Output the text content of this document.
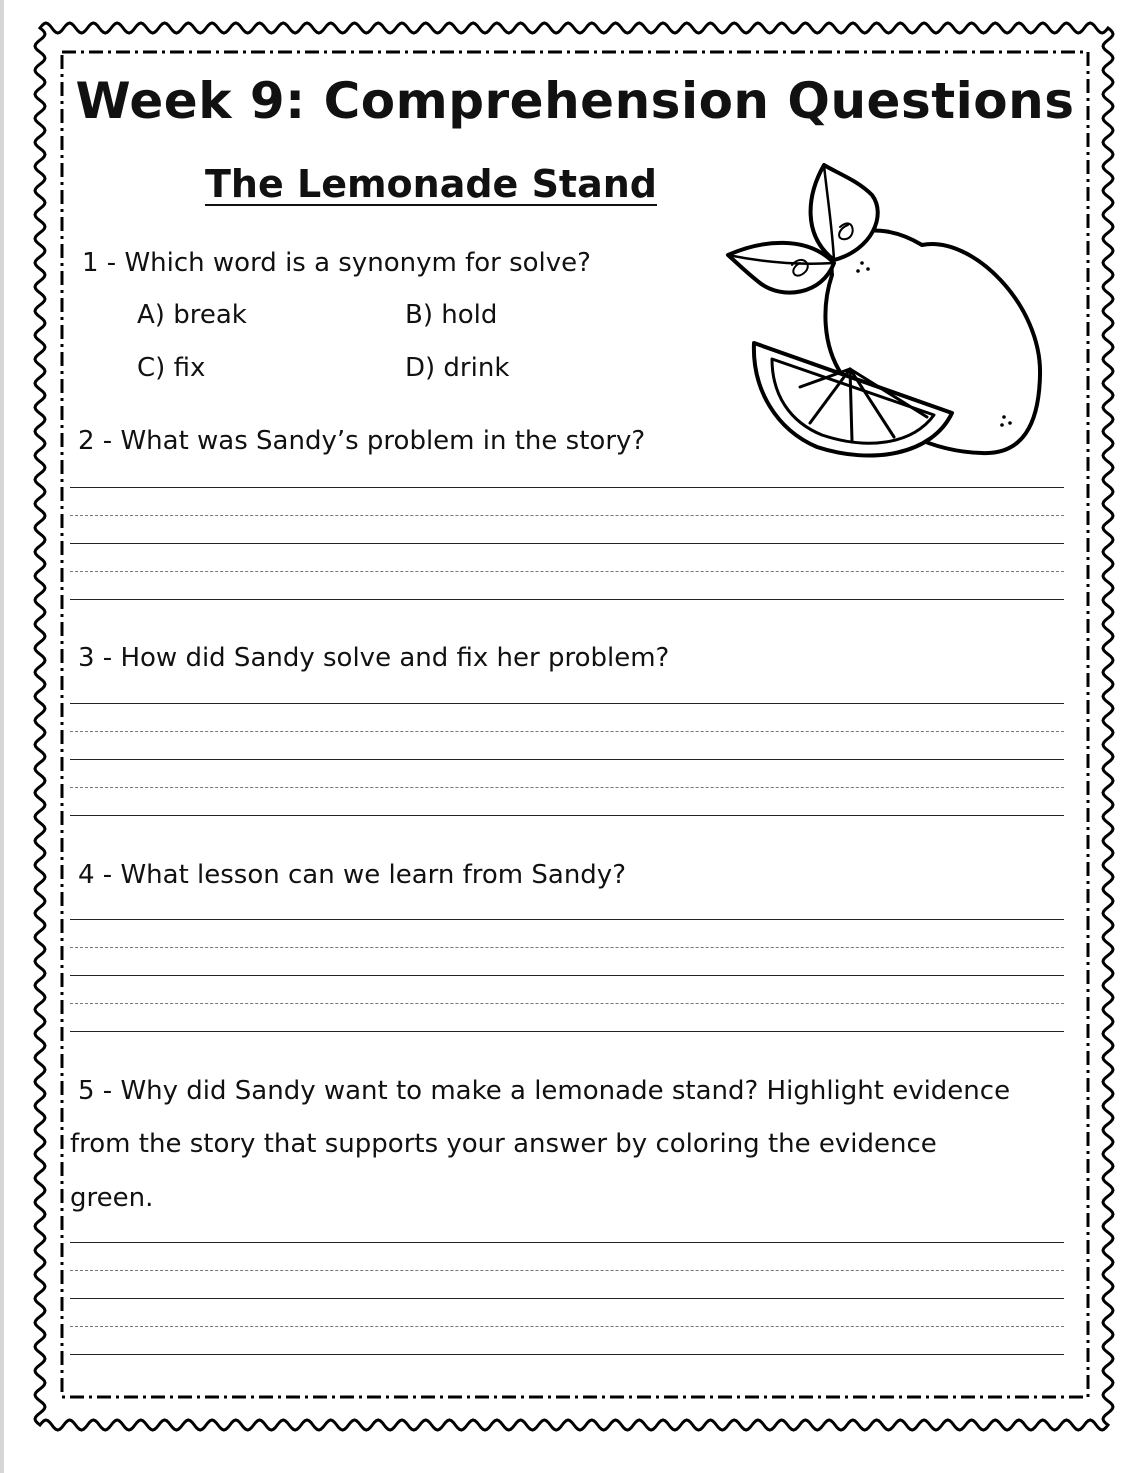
Week 9: Comprehension Questions
The Lemonade Stand

1 - Which word is a synonym for solve?

A) break	B) hold
C) fix	D) drink

2 - What was Sandy’s problem in the story?

3 - How did Sandy solve and fix her problem?

4 - What lesson can we learn from Sandy?

5 - Why did Sandy want to make a lemonade stand? Highlight evidence

from the story that supports your answer by coloring the evidence

green.
